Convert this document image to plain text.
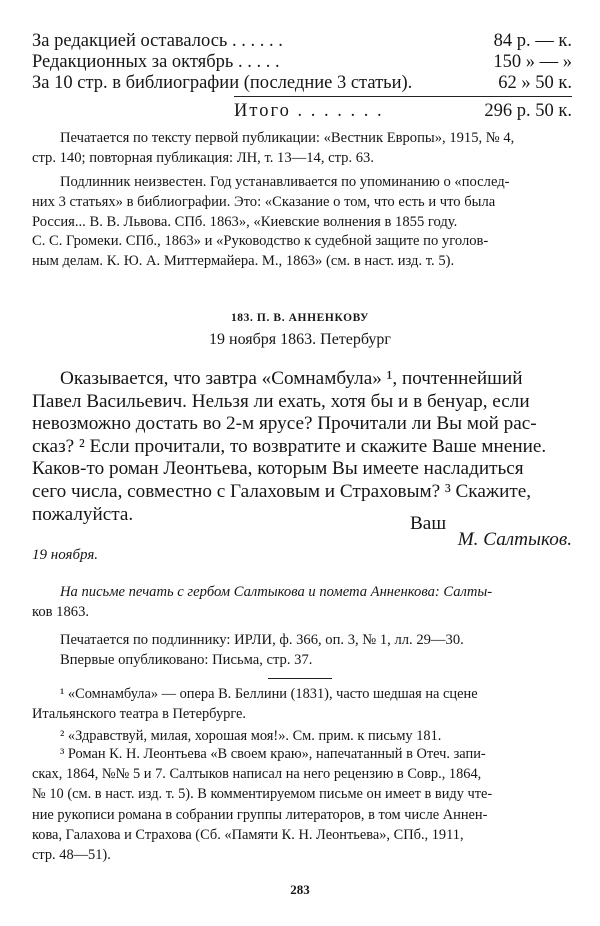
За редакцией оставалось . . . . . .	84 р. — к.
Редакционных за октябрь . . . . .	150 » — »
За 10 стр. в библиографии (последние 3 статьи).	62 » 50 к.
Итого . . . . . . .	296 р. 50 к.
Печатается по тексту первой публикации: «Вестник Европы», 1915, № 4,
стр. 140; повторная публикация: ЛН, т. 13—14, стр. 63.
Подлинник неизвестен. Год устанавливается по упоминанию о «послед-
них 3 статьях» в библиографии. Это: «Сказание о том, что есть и что была
Россия... В. В. Львова. СПб. 1863», «Киевские волнения в 1855 году.
С. С. Громеки. СПб., 1863» и «Руководство к судебной защите по уголов-
ным делам. К. Ю. А. Миттермайера. М., 1863» (см. в наст. изд. т. 5).
183. П. В. АННЕНКОВУ
19 ноября 1863. Петербург
Оказывается, что завтра «Сомнамбула» ¹, почтеннейший
Павел Васильевич. Нельзя ли ехать, хотя бы и в бенуар, если
невозможно достать во 2-м ярусе? Прочитали ли Вы мой рас-
сказ? ² Если прочитали, то возвратите и скажите Ваше мнение.
Каков-то роман Леонтьева, которым Вы имеете насладиться
сего числа, совместно с Галаховым и Страховым? ³ Скажите,
пожалуйста.	Ваш
М. Салтыков.
19 ноября.
На письме печать с гербом Салтыкова и помета Анненкова: Салты-
ков 1863.
Печатается по подлиннику: ИРЛИ, ф. 366, оп. 3, № 1, лл. 29—30.
Впервые опубликовано: Письма, стр. 37.
¹ «Сомнамбула» — опера В. Беллини (1831), часто шедшая на сцене
Итальянского театра в Петербурге.
² «Здравствуй, милая, хорошая моя!». См. прим. к письму 181.
³ Роман К. Н. Леонтьева «В своем краю», напечатанный в Отеч. запи-
сках, 1864, №№ 5 и 7. Салтыков написал на него рецензию в Совр., 1864,
№ 10 (см. в наст. изд. т. 5). В комментируемом письме он имеет в виду чте-
ние рукописи романа в собрании группы литераторов, в том числе Аннен-
кова, Галахова и Страхова (Сб. «Памяти К. Н. Леонтьева», СПб., 1911,
стр. 48—51).
283
